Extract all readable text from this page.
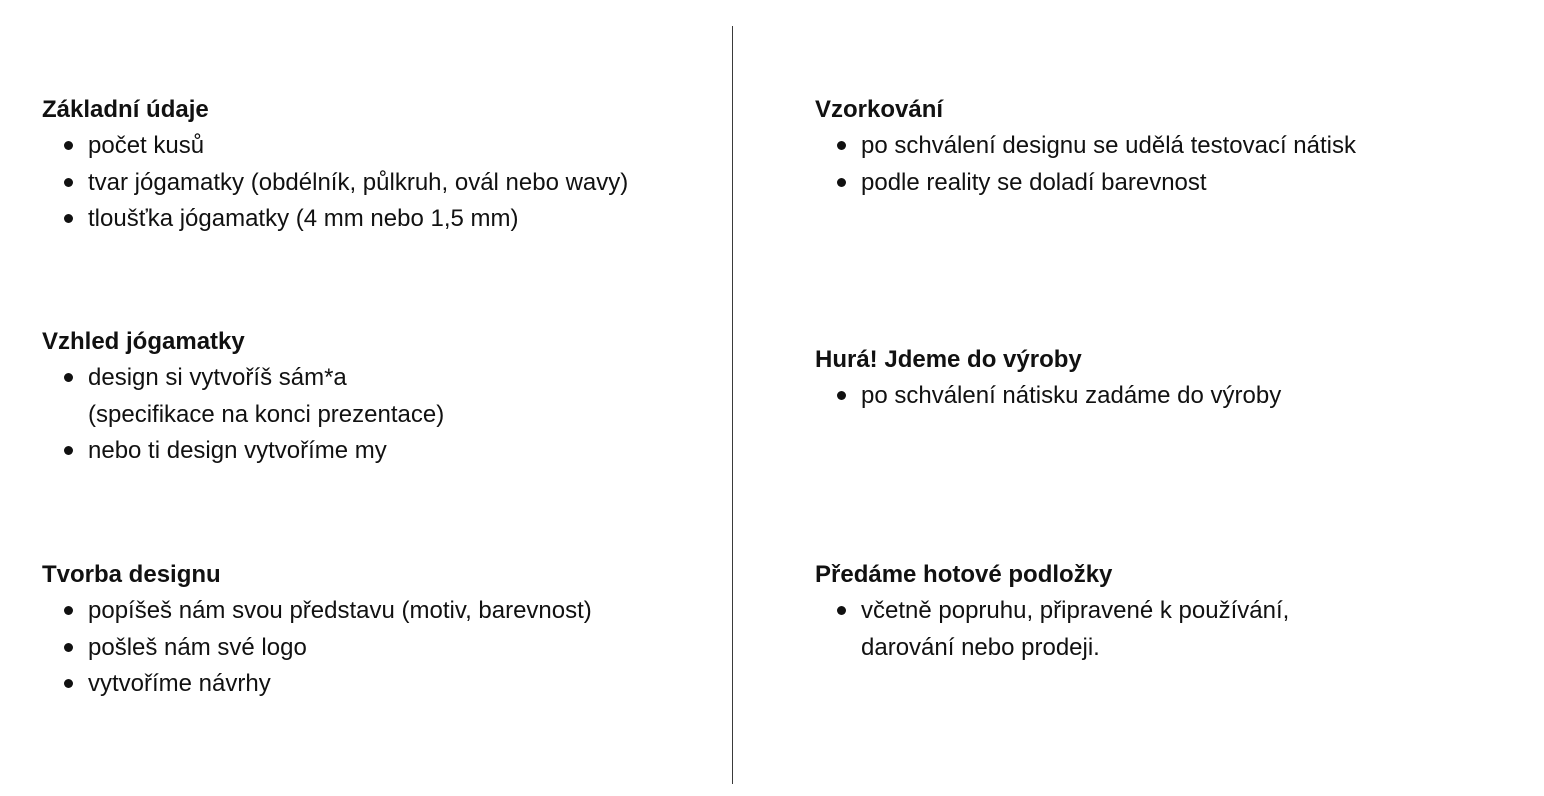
Základní údaje
počet kusů
tvar jógamatky (obdélník, půlkruh, ovál nebo wavy)
tloušťka jógamatky (4 mm nebo 1,5 mm)
Vzhled jógamatky
design si vytvoříš sám*a
(specifikace na konci prezentace)
nebo ti design vytvoříme my
Tvorba designu
popíšeš nám svou představu (motiv, barevnost)
pošleš nám své logo
vytvoříme návrhy
Vzorkování
po schválení designu se udělá testovací nátisk
podle reality se doladí barevnost
Hurá! Jdeme do výroby
po schválení nátisku zadáme do výroby
Předáme hotové podložky
včetně popruhu, připravené k používání,
darování nebo prodeji.
